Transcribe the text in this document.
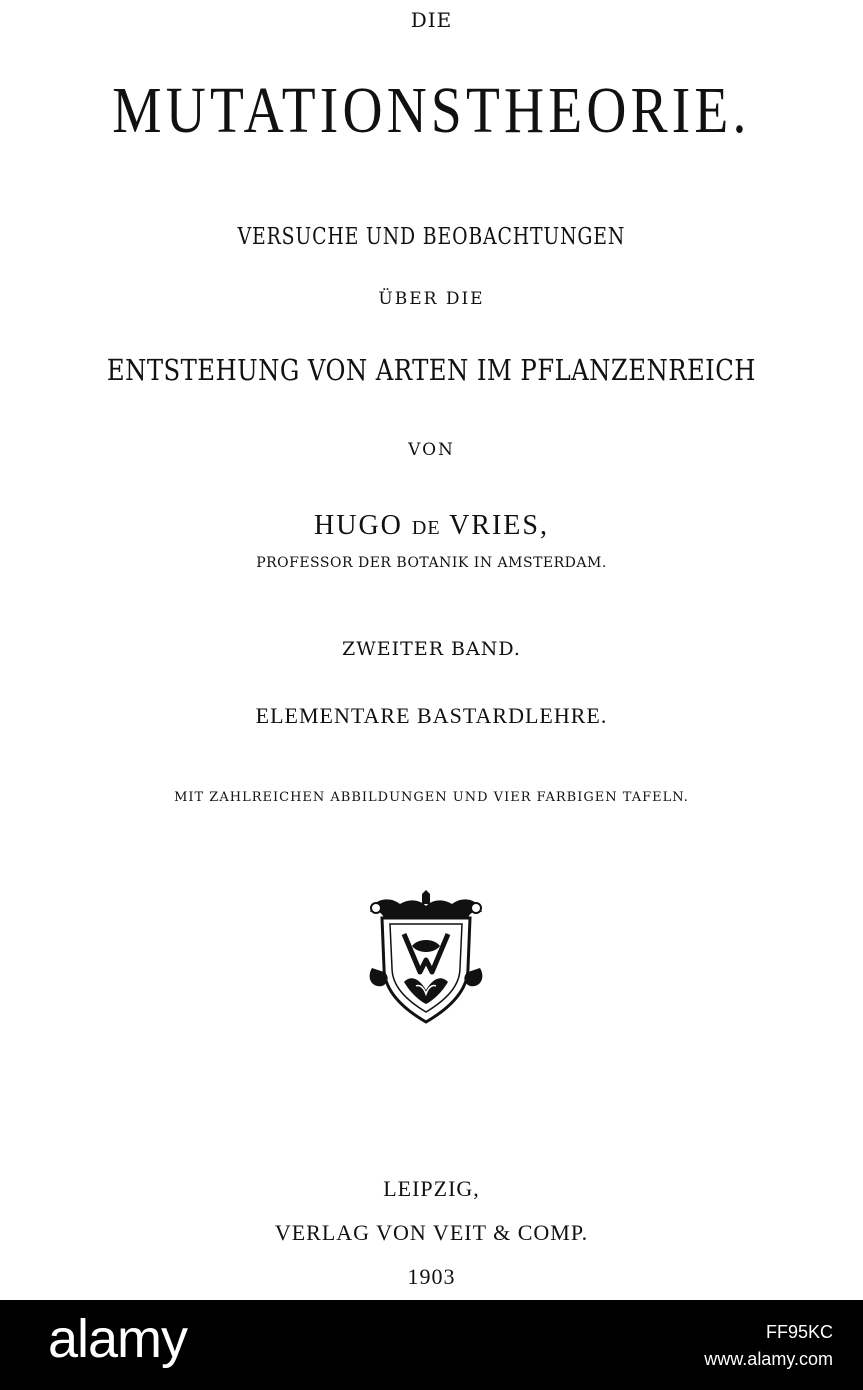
DIE
MUTATIONSTHEORIE.
VERSUCHE UND BEOBACHTUNGEN
ÜBER DIE
ENTSTEHUNG VON ARTEN IM PFLANZENREICH
VON
HUGO DE VRIES,
PROFESSOR DER BOTANIK IN AMSTERDAM.
ZWEITER BAND.
ELEMENTARE BASTARDLEHRE.
MIT ZAHLREICHEN ABBILDUNGEN UND VIER FARBIGEN TAFELN.
LEIPZIG,
VERLAG VON VEIT & COMP.
1903
alamy	FF95KC
www.alamy.com
